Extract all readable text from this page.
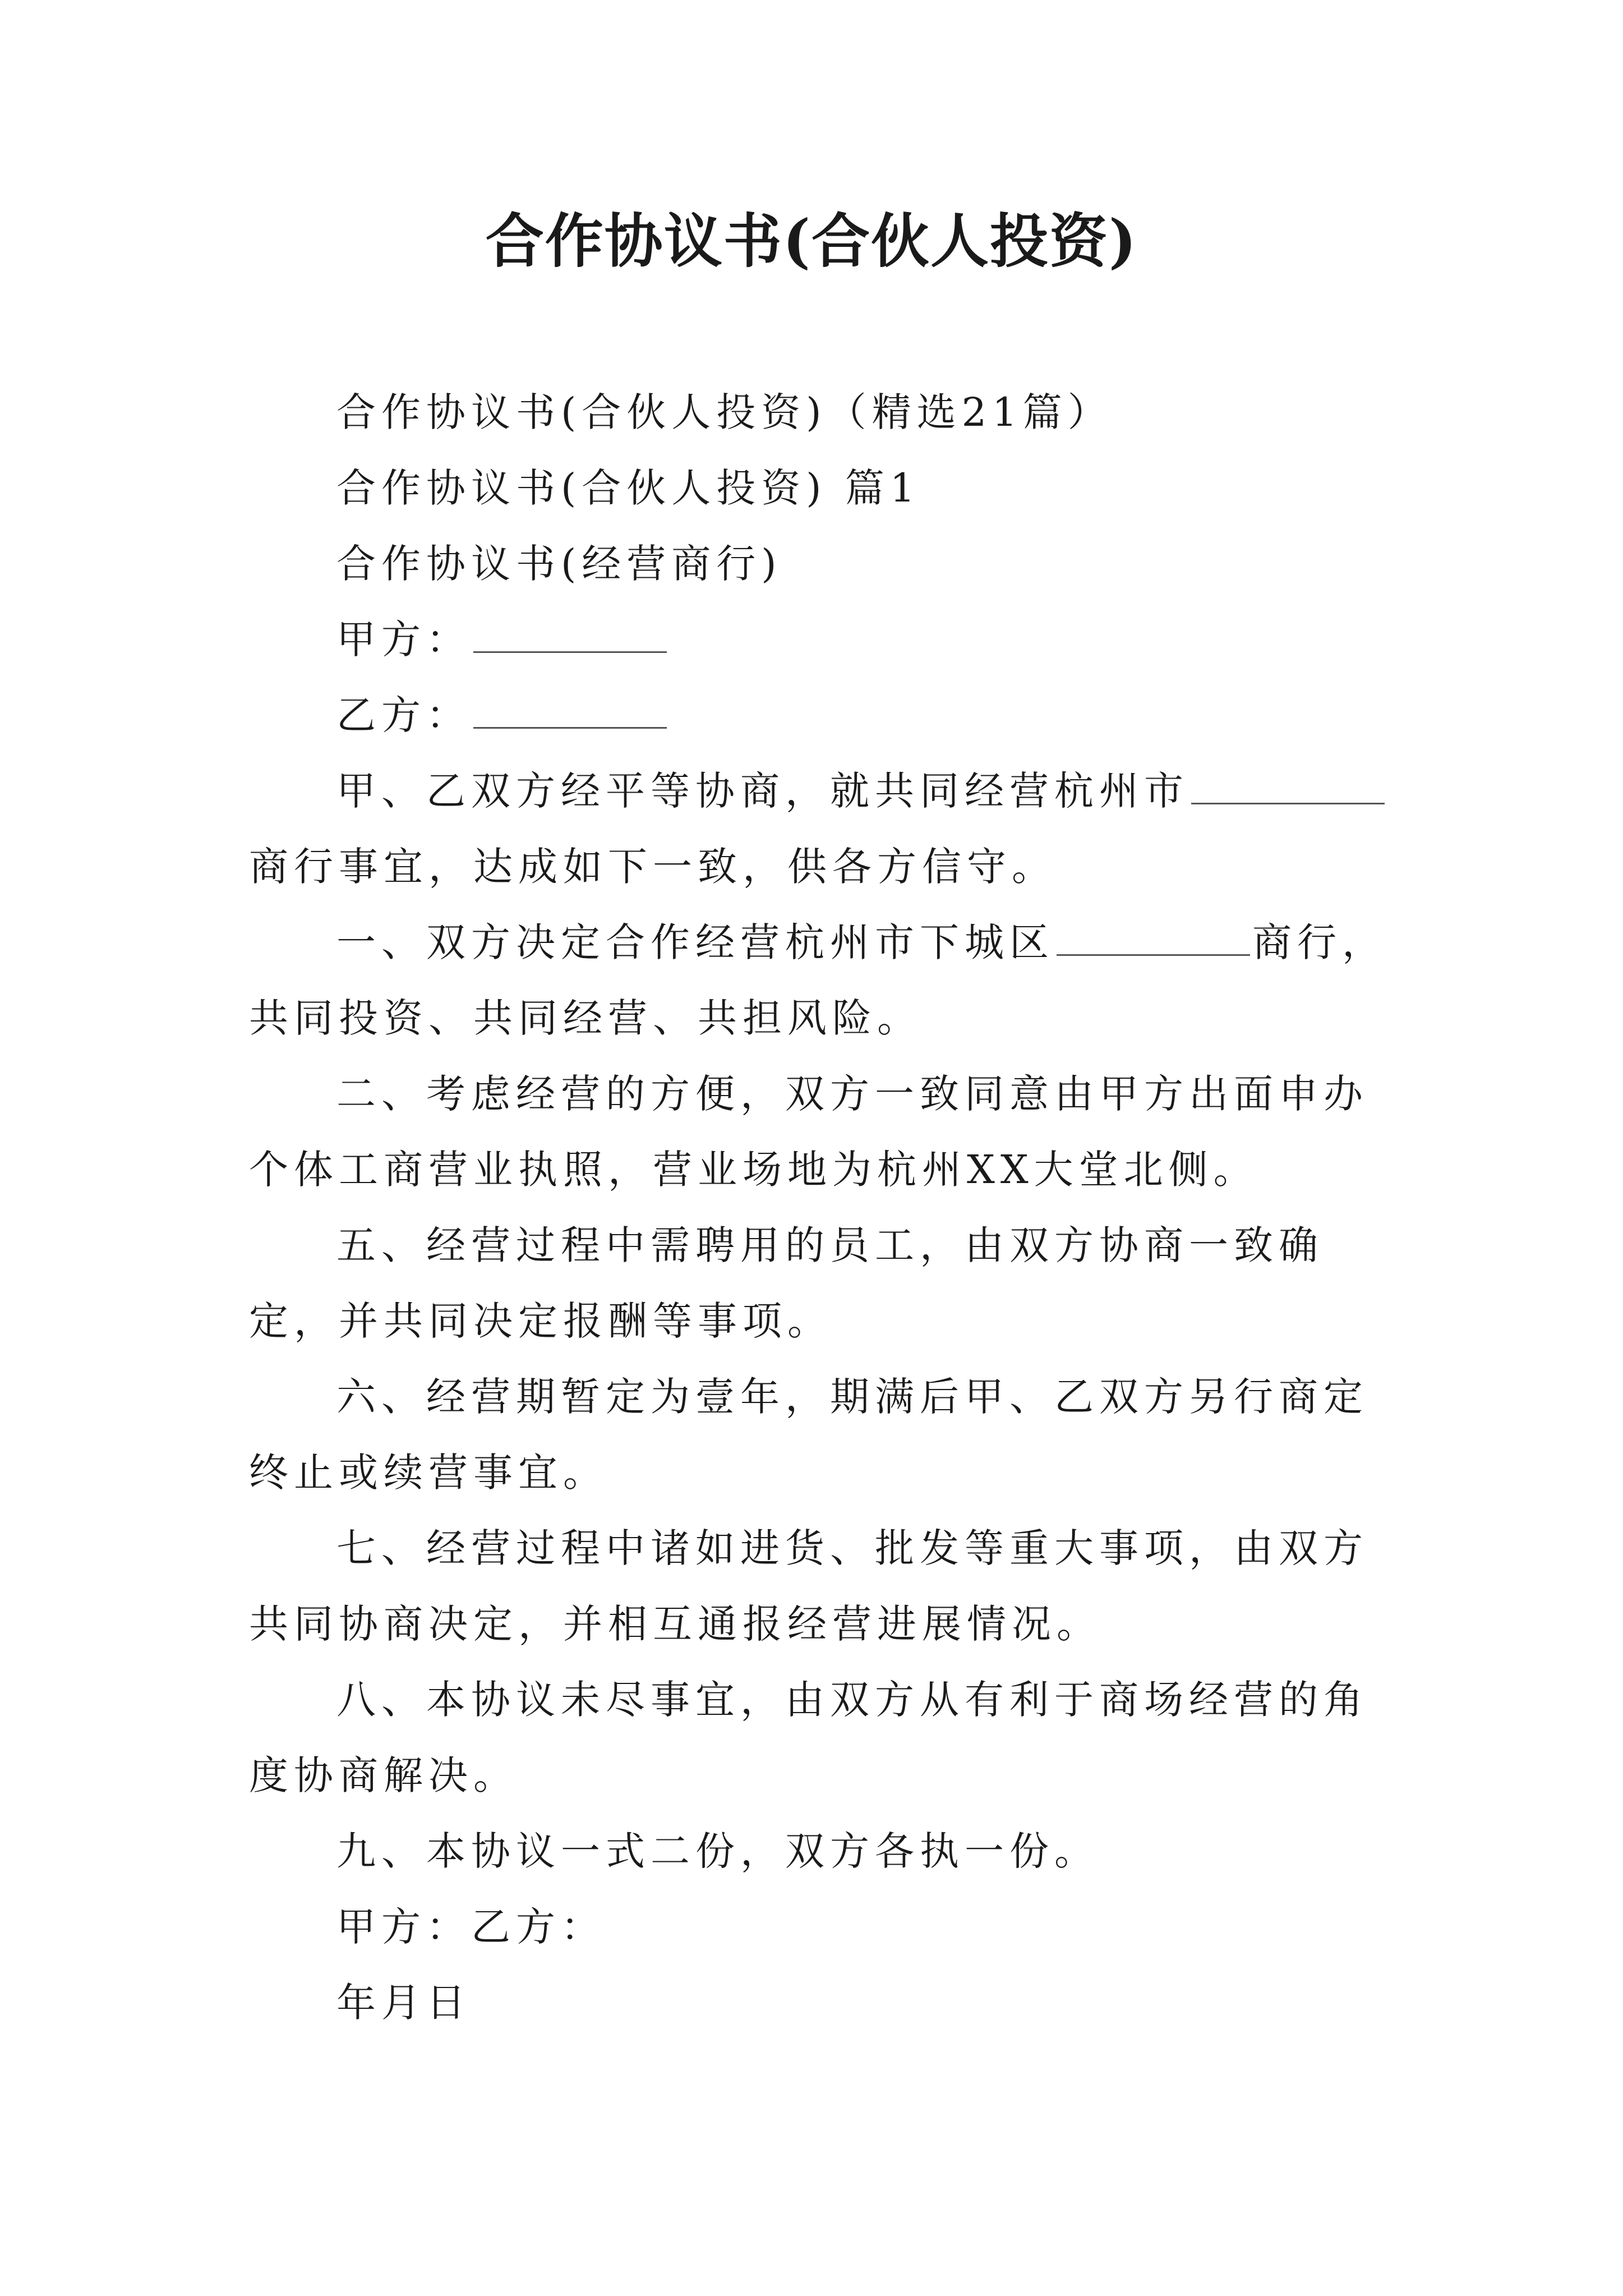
合作协议书(合伙人投资)

合作协议书(合伙人投资)（精选21篇）

合作协议书(合伙人投资) 篇1

合作协议书(经营商行)

甲方：

乙方：

甲、乙双方经平等协商，就共同经营杭州市商行事宜，达成如下一致，供各方信守。

一、双方决定合作经营杭州市下城区	商行，共同投资、共同经营、共担风险。

二、考虑经营的方便，双方一致同意由甲方出面申办个体工商营业执照，营业场地为杭州XX大堂北侧。

五、经营过程中需聘用的员工，由双方协商一致确定，并共同决定报酬等事项。

六、经营期暂定为壹年，期满后甲、乙双方另行商定终止或续营事宜。

七、经营过程中诸如进货、批发等重大事项，由双方共同协商决定，并相互通报经营进展情况。

八、本协议未尽事宜，由双方从有利于商场经营的角度协商解决。

九、本协议一式二份，双方各执一份。

甲方：乙方：

年月日
